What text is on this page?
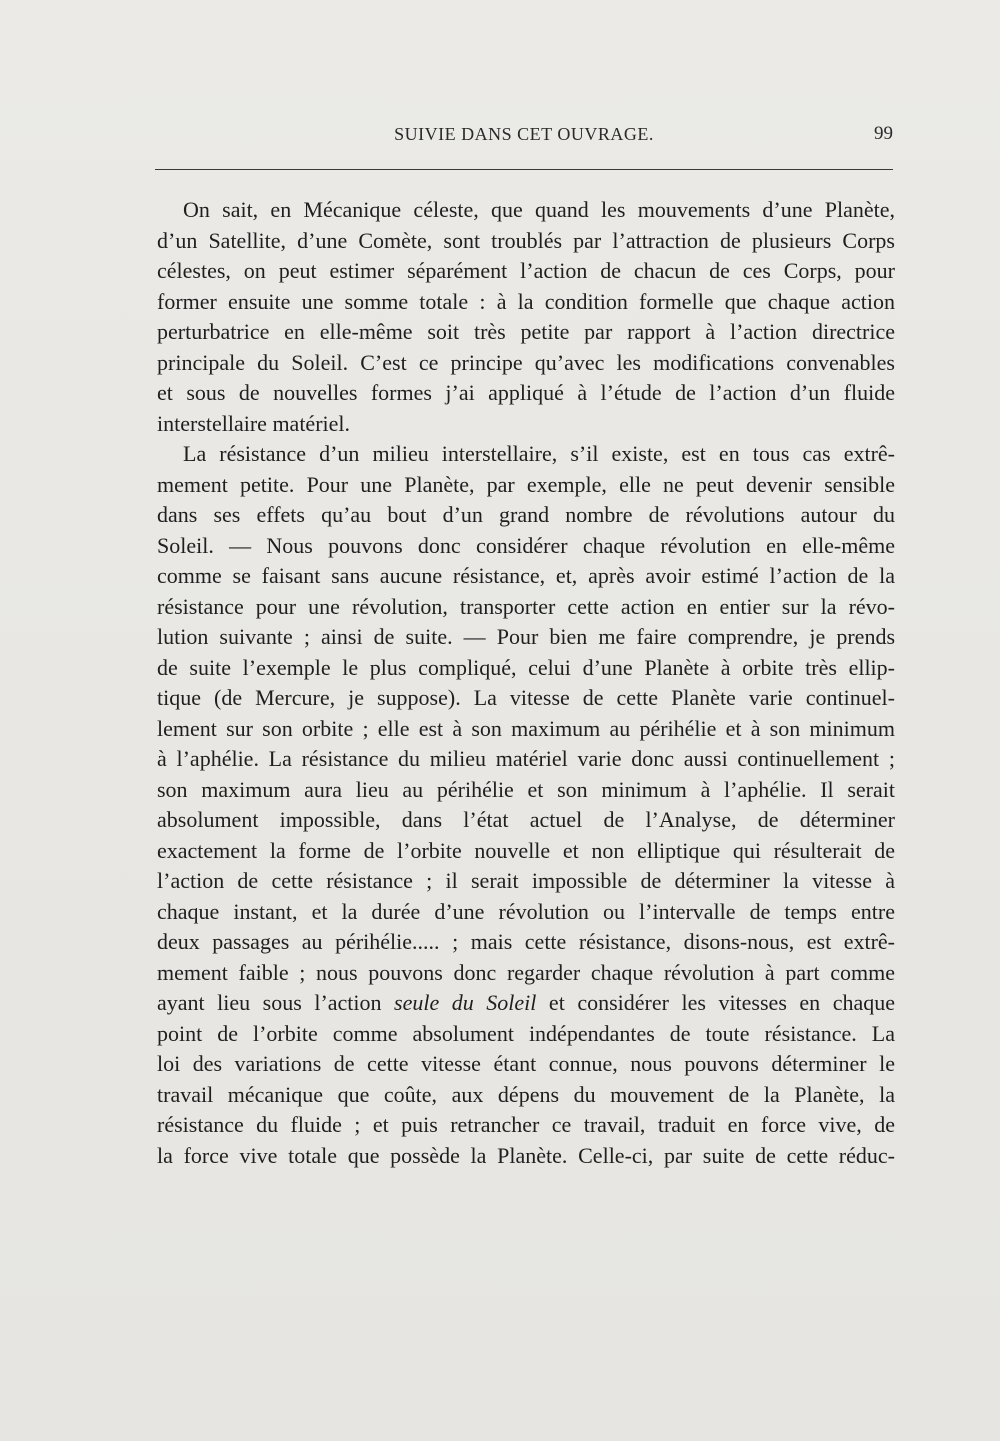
SUIVIE DANS CET OUVRAGE.	99
On sait, en Mécanique céleste, que quand les mouvements d’une Planète,
d’un Satellite, d’une Comète, sont troublés par l’attraction de plusieurs Corps
célestes, on peut estimer séparément l’action de chacun de ces Corps, pour
former ensuite une somme totale : à la condition formelle que chaque action
perturbatrice en elle-même soit très petite par rapport à l’action directrice
principale du Soleil. C’est ce principe qu’avec les modifications convenables
et sous de nouvelles formes j’ai appliqué à l’étude de l’action d’un fluide
interstellaire matériel.
La résistance d’un milieu interstellaire, s’il existe, est en tous cas extrê-
mement petite. Pour une Planète, par exemple, elle ne peut devenir sensible
dans ses effets qu’au bout d’un grand nombre de révolutions autour du
Soleil. — Nous pouvons donc considérer chaque révolution en elle-même
comme se faisant sans aucune résistance, et, après avoir estimé l’action de la
résistance pour une révolution, transporter cette action en entier sur la révo-
lution suivante ; ainsi de suite. — Pour bien me faire comprendre, je prends
de suite l’exemple le plus compliqué, celui d’une Planète à orbite très ellip-
tique (de Mercure, je suppose). La vitesse de cette Planète varie continuel-
lement sur son orbite ; elle est à son maximum au périhélie et à son minimum
à l’aphélie. La résistance du milieu matériel varie donc aussi continuellement ;
son maximum aura lieu au périhélie et son minimum à l’aphélie. Il serait
absolument impossible, dans l’état actuel de l’Analyse, de déterminer
exactement la forme de l’orbite nouvelle et non elliptique qui résulterait de
l’action de cette résistance ; il serait impossible de déterminer la vitesse à
chaque instant, et la durée d’une révolution ou l’intervalle de temps entre
deux passages au périhélie..... ; mais cette résistance, disons-nous, est extrê-
mement faible ; nous pouvons donc regarder chaque révolution à part comme
ayant lieu sous l’action seule du Soleil et considérer les vitesses en chaque
point de l’orbite comme absolument indépendantes de toute résistance. La
loi des variations de cette vitesse étant connue, nous pouvons déterminer le
travail mécanique que coûte, aux dépens du mouvement de la Planète, la
résistance du fluide ; et puis retrancher ce travail, traduit en force vive, de
la force vive totale que possède la Planète. Celle-ci, par suite de cette réduc-
